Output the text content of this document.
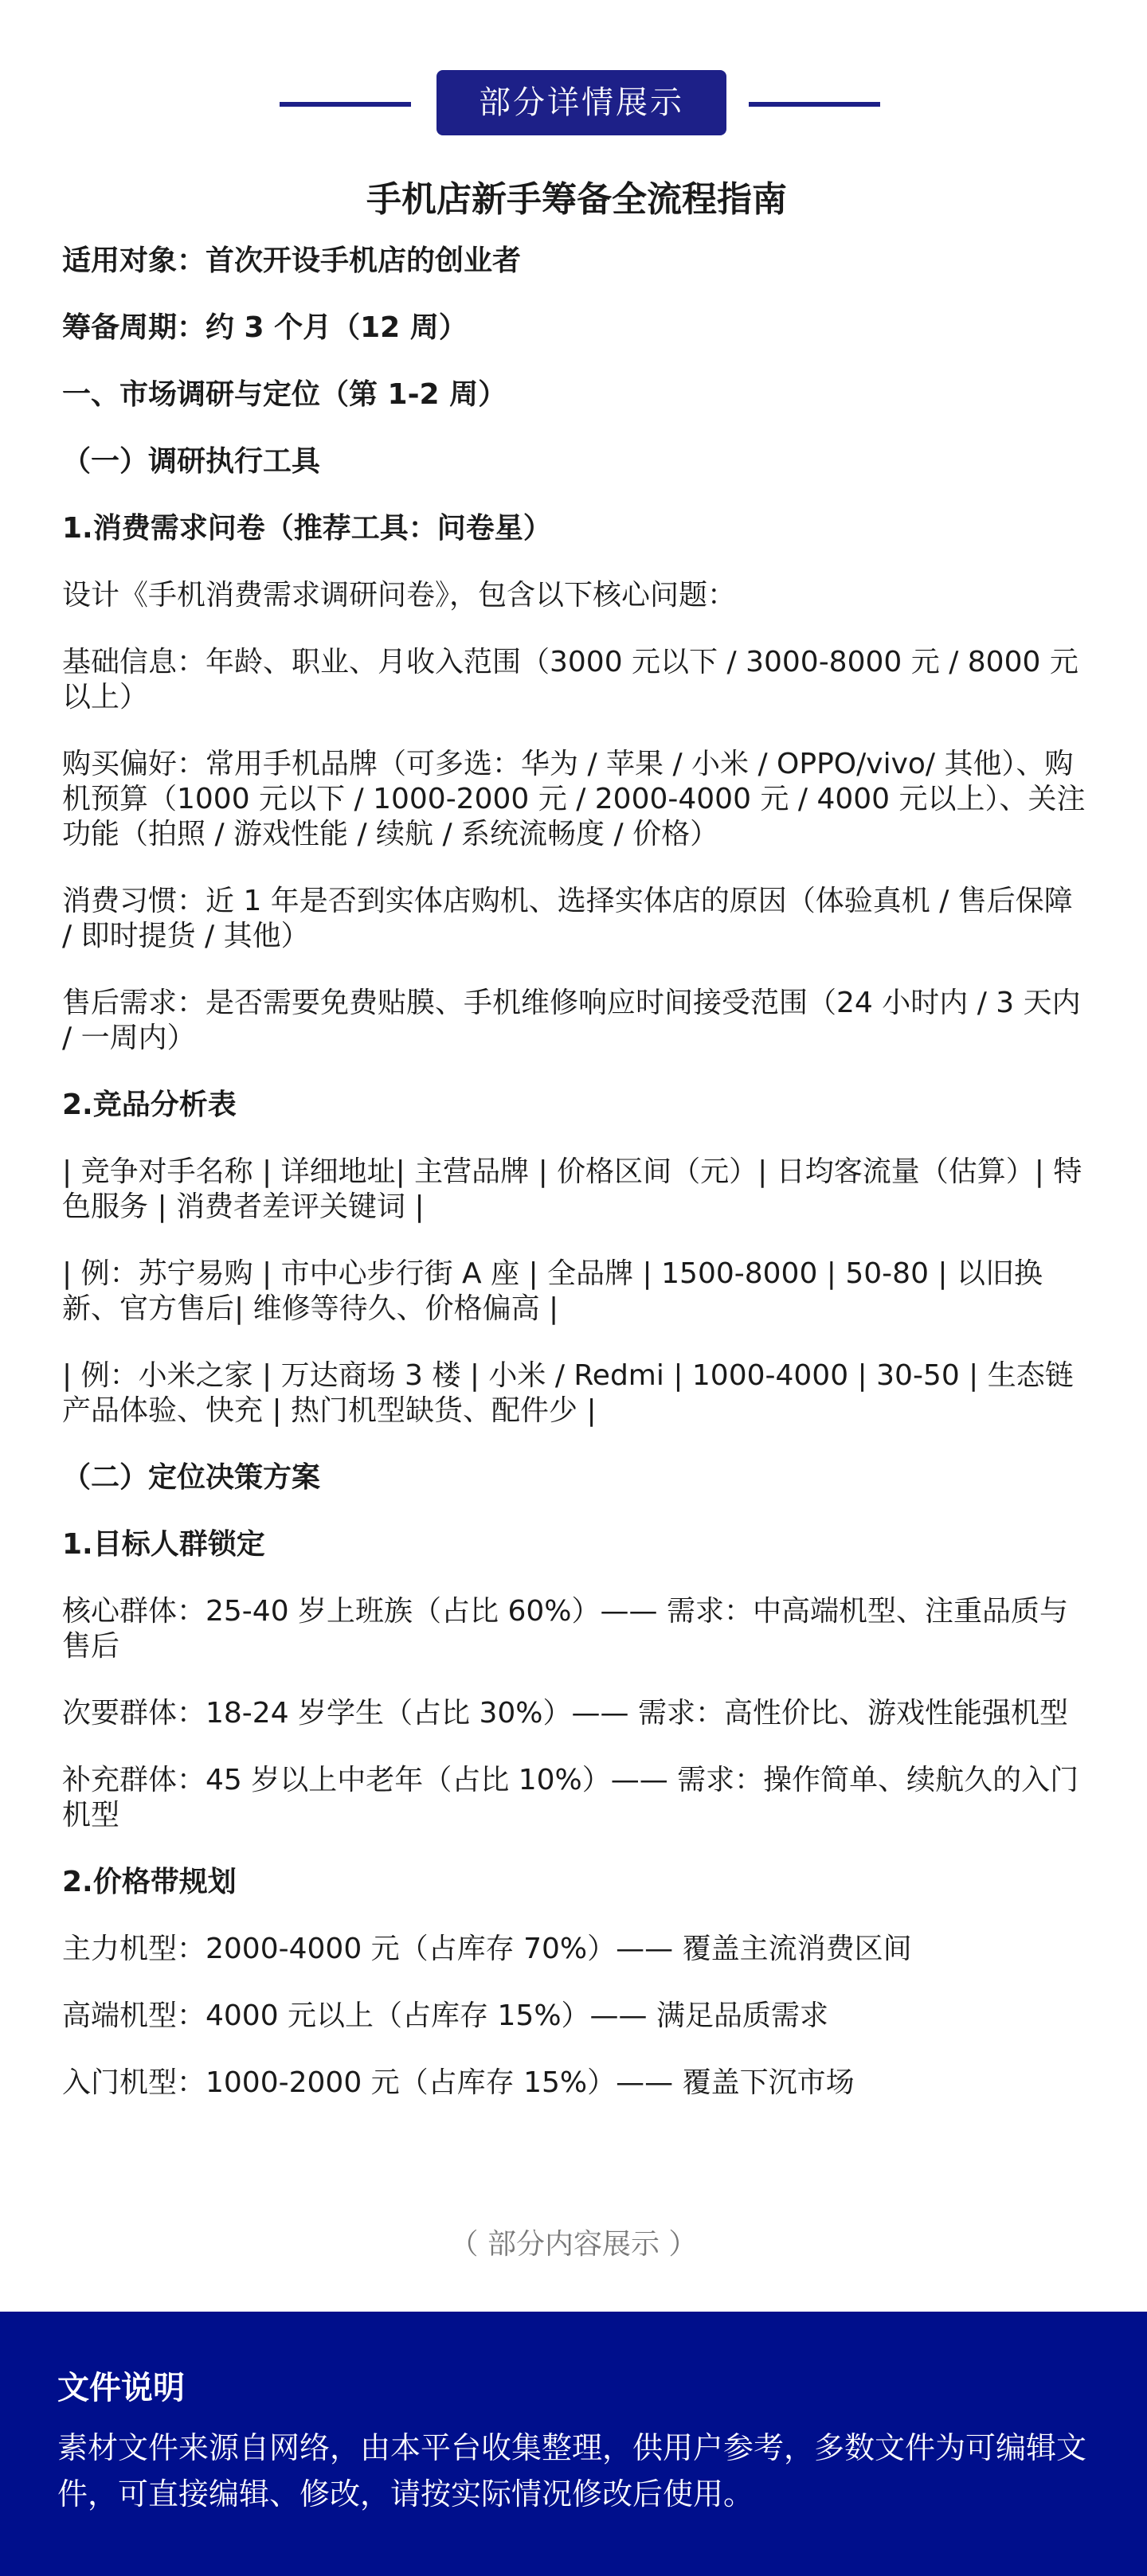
部分详情展示
手机店新手筹备全流程指南
适用对象：首次开设手机店的创业者
筹备周期：约 3 个月（12 周）
一、市场调研与定位（第 1-2 周）
（一）调研执行工具
1.消费需求问卷（推荐工具：问卷星）
设计《手机消费需求调研问卷》，包含以下核心问题：
基础信息：年龄、职业、月收入范围（3000 元以下 / 3000-8000 元 / 8000 元以上）
购买偏好：常用手机品牌（可多选：华为 / 苹果 / 小米 / OPPO/vivo/ 其他）、购机预算（1000 元以下 / 1000-2000 元 / 2000-4000 元 / 4000 元以上）、关注功能（拍照 / 游戏性能 / 续航 / 系统流畅度 / 价格）
消费习惯：近 1 年是否到实体店购机、选择实体店的原因（体验真机 / 售后保障 / 即时提货 / 其他）
售后需求：是否需要免费贴膜、手机维修响应时间接受范围（24 小时内 / 3 天内 / 一周内）
2.竞品分析表
| 竞争对手名称 | 详细地址| 主营品牌 | 价格区间（元）| 日均客流量（估算）| 特色服务 | 消费者差评关键词 |
| 例：苏宁易购 | 市中心步行街 A 座 | 全品牌 | 1500-8000 | 50-80 | 以旧换新、官方售后| 维修等待久、价格偏高 |
| 例：小米之家 | 万达商场 3 楼 | 小米 / Redmi | 1000-4000 | 30-50 | 生态链产品体验、快充 | 热门机型缺货、配件少 |
（二）定位决策方案
1.目标人群锁定
核心群体：25-40 岁上班族（占比 60%）—— 需求：中高端机型、注重品质与售后
次要群体：18-24 岁学生（占比 30%）—— 需求：高性价比、游戏性能强机型
补充群体：45 岁以上中老年（占比 10%）—— 需求：操作简单、续航久的入门机型
2.价格带规划
主力机型：2000-4000 元（占库存 70%）—— 覆盖主流消费区间
高端机型：4000 元以上（占库存 15%）—— 满足品质需求
入门机型：1000-2000 元（占库存 15%）—— 覆盖下沉市场
（ 部分内容展示 ）
文件说明
素材文件来源自网络，由本平台收集整理，供用户参考，多数文件为可编辑文件，可直接编辑、修改，请按实际情况修改后使用。
